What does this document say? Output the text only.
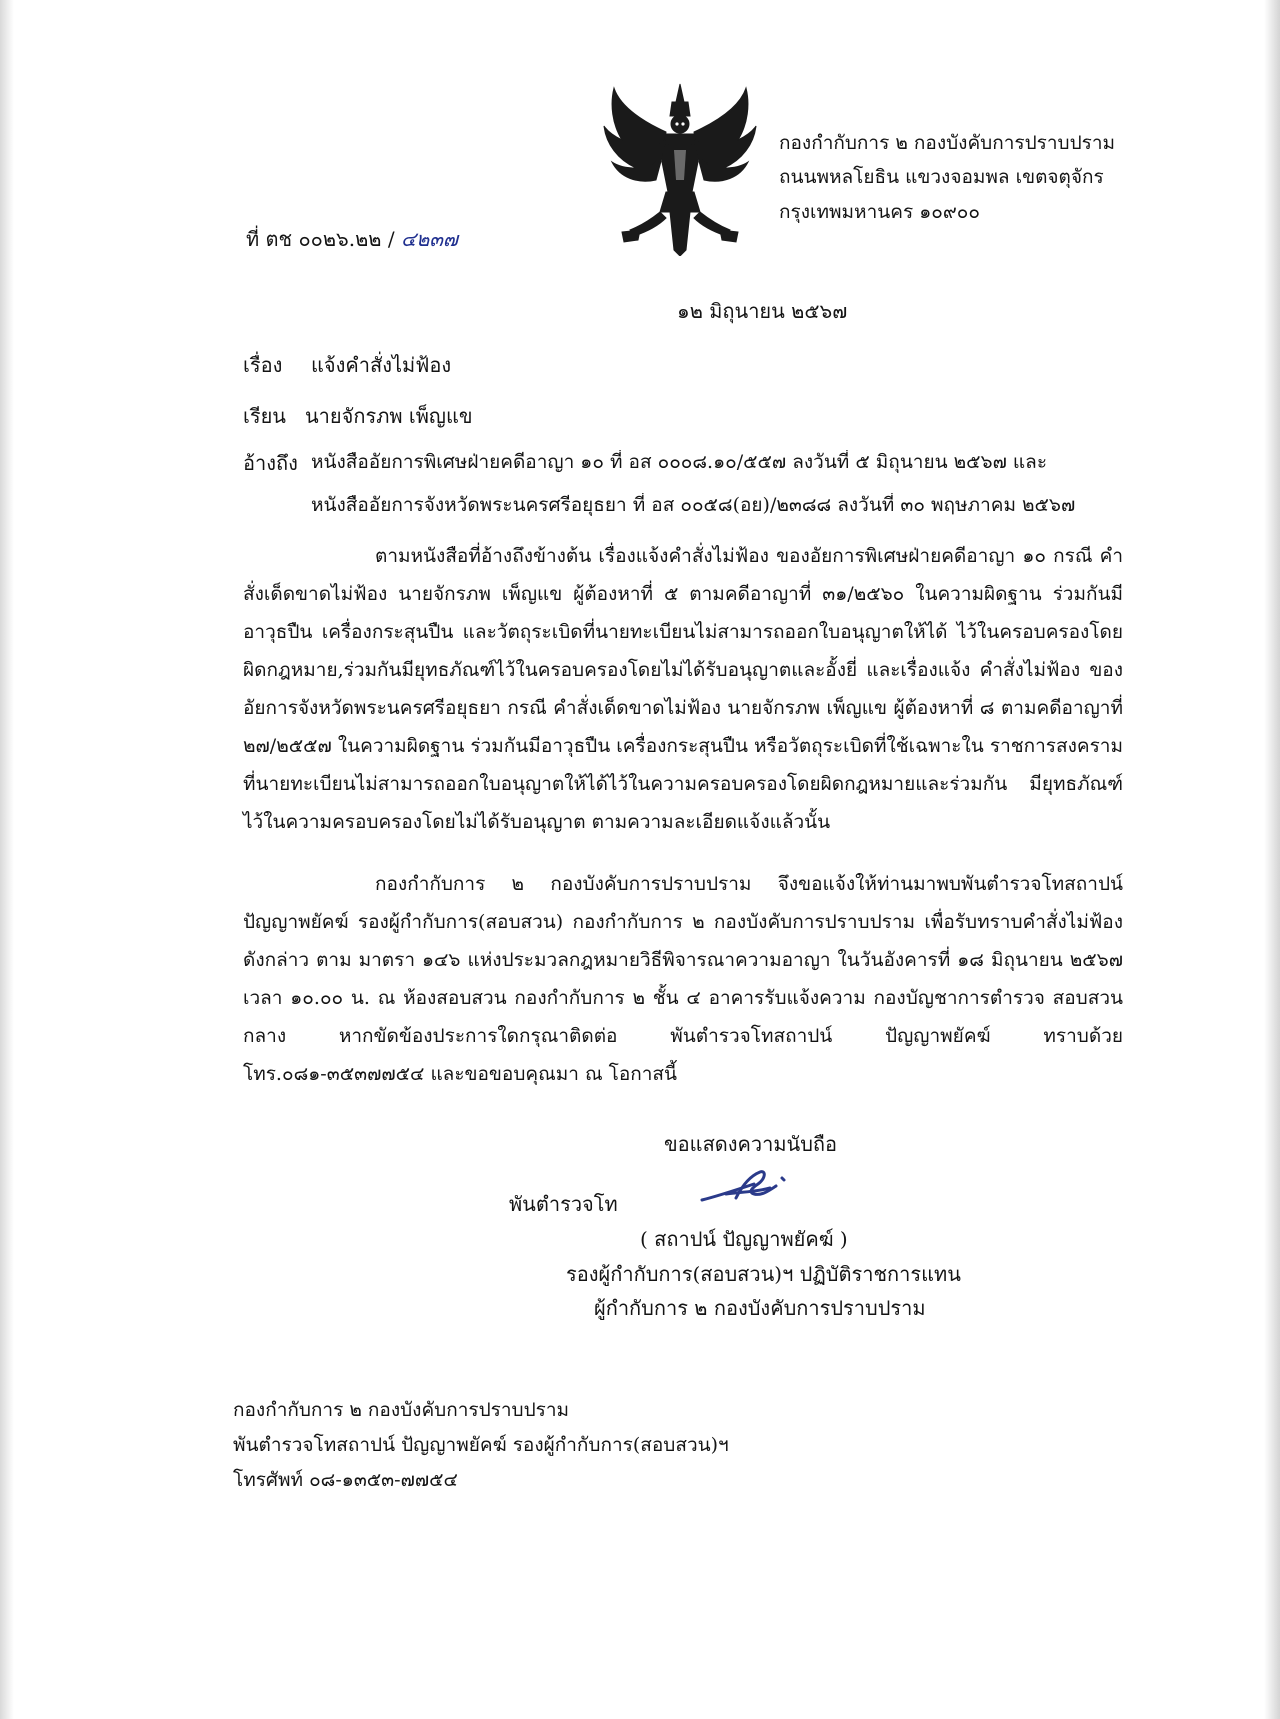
กองกำกับการ ๒ กองบังคับการปราบปราม
ถนนพหลโยธิน แขวงจอมพล เขตจตุจักร
กรุงเทพมหานคร ๑๐๙๐๐
ที่ ตช ๐๐๒๖.๒๒ / ๔๒๓๗
๑๒ มิถุนายน ๒๕๖๗
เรื่อง แจ้งคำสั่งไม่ฟ้อง
เรียน นายจักรภพ เพ็ญแข
อ้างถึง หนังสืออัยการพิเศษฝ่ายคดีอาญา ๑๐ ที่ อส ๐๐๐๘.๑๐/๕๕๗ ลงวันที่ ๕ มิถุนายน ๒๕๖๗ และ
หนังสืออัยการจังหวัดพระนครศรีอยุธยา ที่ อส ๐๐๕๘(อย)/๒๓๘๘ ลงวันที่ ๓๐ พฤษภาคม ๒๕๖๗
ตามหนังสือที่อ้างถึงข้างต้น เรื่องแจ้งคำสั่งไม่ฟ้อง ของอัยการพิเศษฝ่ายคดีอาญา ๑๐ กรณี คำสั่งเด็ดขาดไม่ฟ้อง นายจักรภพ เพ็ญแข ผู้ต้องหาที่ ๕ ตามคดีอาญาที่ ๓๑/๒๕๖๐ ในความผิดฐาน ร่วมกันมีอาวุธปืน เครื่องกระสุนปืน และวัตถุระเบิดที่นายทะเบียนไม่สามารถออกใบอนุญาตให้ได้ ไว้ในครอบครองโดยผิดกฎหมาย,ร่วมกันมียุทธภัณฑ์ไว้ในครอบครองโดยไม่ได้รับอนุญาตและอั้งยี่ และเรื่องแจ้ง คำสั่งไม่ฟ้อง ของอัยการจังหวัดพระนครศรีอยุธยา กรณี คำสั่งเด็ดขาดไม่ฟ้อง นายจักรภพ เพ็ญแข ผู้ต้องหาที่ ๘ ตามคดีอาญาที่ ๒๗/๒๕๕๗ ในความผิดฐาน ร่วมกันมีอาวุธปืน เครื่องกระสุนปืน หรือวัตถุระเบิดที่ใช้เฉพาะใน ราชการสงครามที่นายทะเบียนไม่สามารถออกใบอนุญาตให้ได้ไว้ในความครอบครองโดยผิดกฎหมายและร่วมกัน มียุทธภัณฑ์ไว้ในความครอบครองโดยไม่ได้รับอนุญาต ตามความละเอียดแจ้งแล้วนั้น
กองกำกับการ ๒ กองบังคับการปราบปราม จึงขอแจ้งให้ท่านมาพบพันตำรวจโทสถาปน์ ปัญญาพยัคฆ์ รองผู้กำกับการ(สอบสวน) กองกำกับการ ๒ กองบังคับการปราบปราม เพื่อรับทราบคำสั่งไม่ฟ้อง ดังกล่าว ตาม มาตรา ๑๔๖ แห่งประมวลกฎหมายวิธีพิจารณาความอาญา ในวันอังคารที่ ๑๘ มิถุนายน ๒๕๖๗ เวลา ๑๐.๐๐ น. ณ ห้องสอบสวน กองกำกับการ ๒ ชั้น ๔ อาคารรับแจ้งความ กองบัญชาการตำรวจ สอบสวนกลาง หากขัดข้องประการใดกรุณาติดต่อ พันตำรวจโทสถาปน์ ปัญญาพยัคฆ์ ทราบด้วย โทร.๐๘๑-๓๕๓๗๗๕๔ และขอขอบคุณมา ณ โอกาสนี้
ขอแสดงความนับถือ
พันตำรวจโท
( สถาปน์ ปัญญาพยัคฆ์ )
รองผู้กำกับการ(สอบสวน)ฯ ปฏิบัติราชการแทน
ผู้กำกับการ ๒ กองบังคับการปราบปราม
กองกำกับการ ๒ กองบังคับการปราบปราม
พันตำรวจโทสถาปน์ ปัญญาพยัคฆ์ รองผู้กำกับการ(สอบสวน)ฯ
โทรศัพท์ ๐๘-๑๓๕๓-๗๗๕๔
